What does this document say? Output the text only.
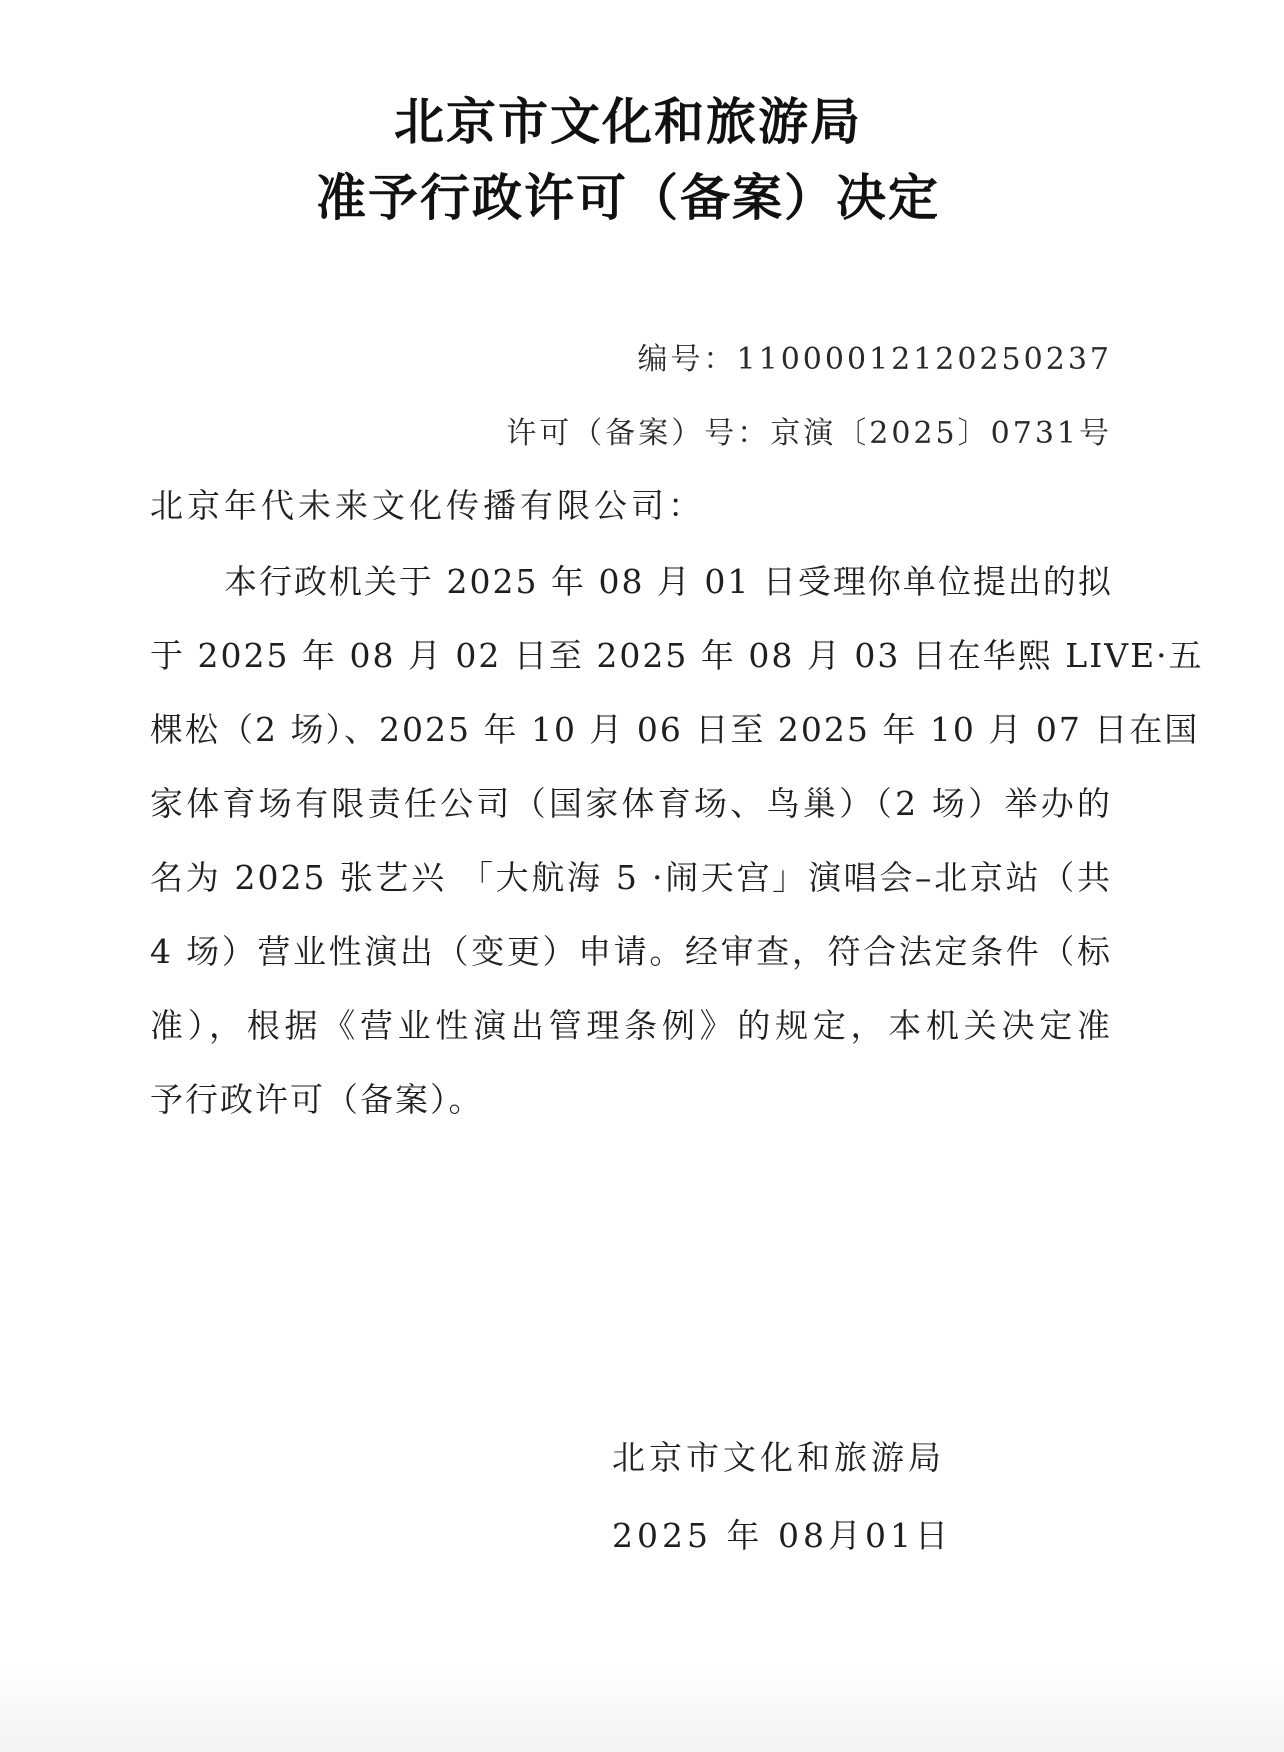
北京市文化和旅游局
准予行政许可（备案）决定
编号：11000012120250237
许可（备案）号：京演〔2025〕0731号
北京年代未来文化传播有限公司：
本行政机关于 2025 年 08 月 01 日受理你单位提出的拟
于 2025 年 08 月 02 日至 2025 年 08 月 03 日在华熙 LIVE·五
棵松（2 场）、2025 年 10 月 06 日至 2025 年 10 月 07 日在国
家体育场有限责任公司（国家体育场、鸟巢）（2 场）举办的
名为 2025 张艺兴 「大航海 5 ·闹天宫」演唱会–北京站（共
4 场）营业性演出（变更）申请。经审查，符合法定条件（标
准），根据《营业性演出管理条例》的规定，本机关决定准
予行政许可（备案）。
北京市文化和旅游局
2025 年 08月01日
